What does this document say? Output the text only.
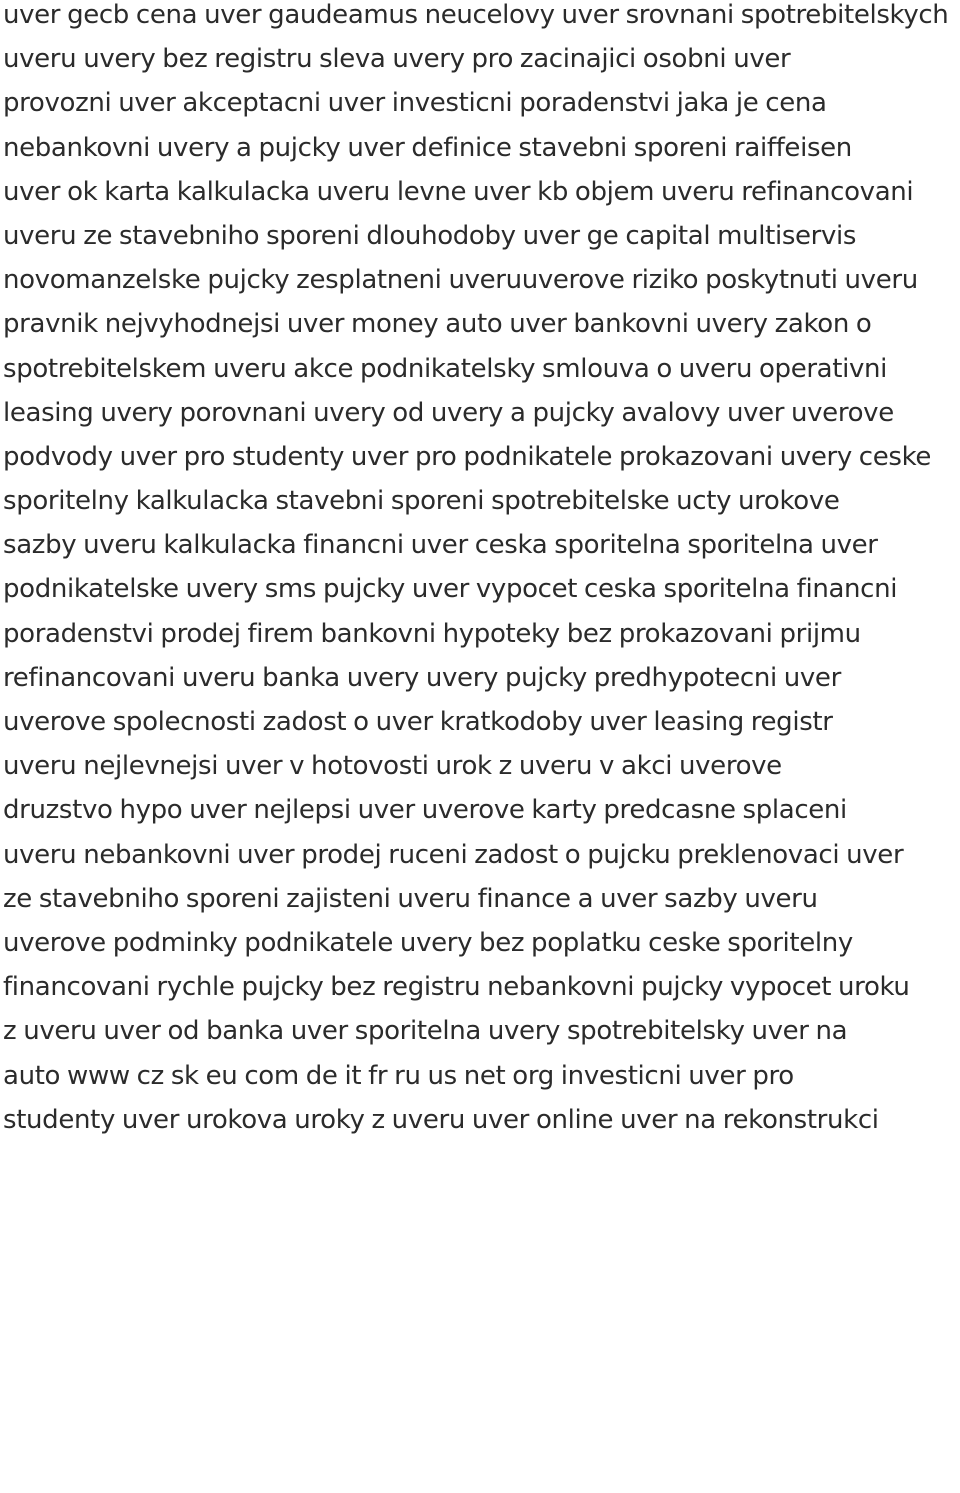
uver gecb cena uver gaudeamus neucelovy uver srovnani spotrebitelskych
uveru uvery bez registru sleva uvery pro zacinajici osobni uver
provozni uver akceptacni uver investicni poradenstvi jaka je cena
nebankovni uvery a pujcky uver definice stavebni sporeni raiffeisen
uver ok karta kalkulacka uveru levne uver kb objem uveru refinancovani
uveru ze stavebniho sporeni dlouhodoby uver ge capital multiservis
novomanzelske pujcky zesplatneni uveruuverove riziko poskytnuti uveru
pravnik nejvyhodnejsi uver money auto uver bankovni uvery zakon o
spotrebitelskem uveru akce podnikatelsky smlouva o uveru operativni
leasing uvery porovnani uvery od uvery a pujcky avalovy uver uverove
podvody uver pro studenty uver pro podnikatele prokazovani uvery ceske
sporitelny kalkulacka stavebni sporeni spotrebitelske ucty urokove
sazby uveru kalkulacka financni uver ceska sporitelna sporitelna uver
podnikatelske uvery sms pujcky uver vypocet ceska sporitelna financni
poradenstvi prodej firem bankovni hypoteky bez prokazovani prijmu
refinancovani uveru banka uvery uvery pujcky predhypotecni uver
uverove spolecnosti zadost o uver kratkodoby uver leasing registr
uveru nejlevnejsi uver v hotovosti urok z uveru v akci uverove
druzstvo hypo uver nejlepsi uver uverove karty predcasne splaceni
uveru nebankovni uver prodej ruceni zadost o pujcku preklenovaci uver
ze stavebniho sporeni zajisteni uveru finance a uver sazby uveru
uverove podminky podnikatele uvery bez poplatku ceske sporitelny
financovani rychle pujcky bez registru nebankovni pujcky vypocet uroku
z uveru uver od banka uver sporitelna uvery spotrebitelsky uver na
auto www cz sk eu com de it fr ru us net org investicni uver pro
studenty uver urokova uroky z uveru uver online uver na rekonstrukci
